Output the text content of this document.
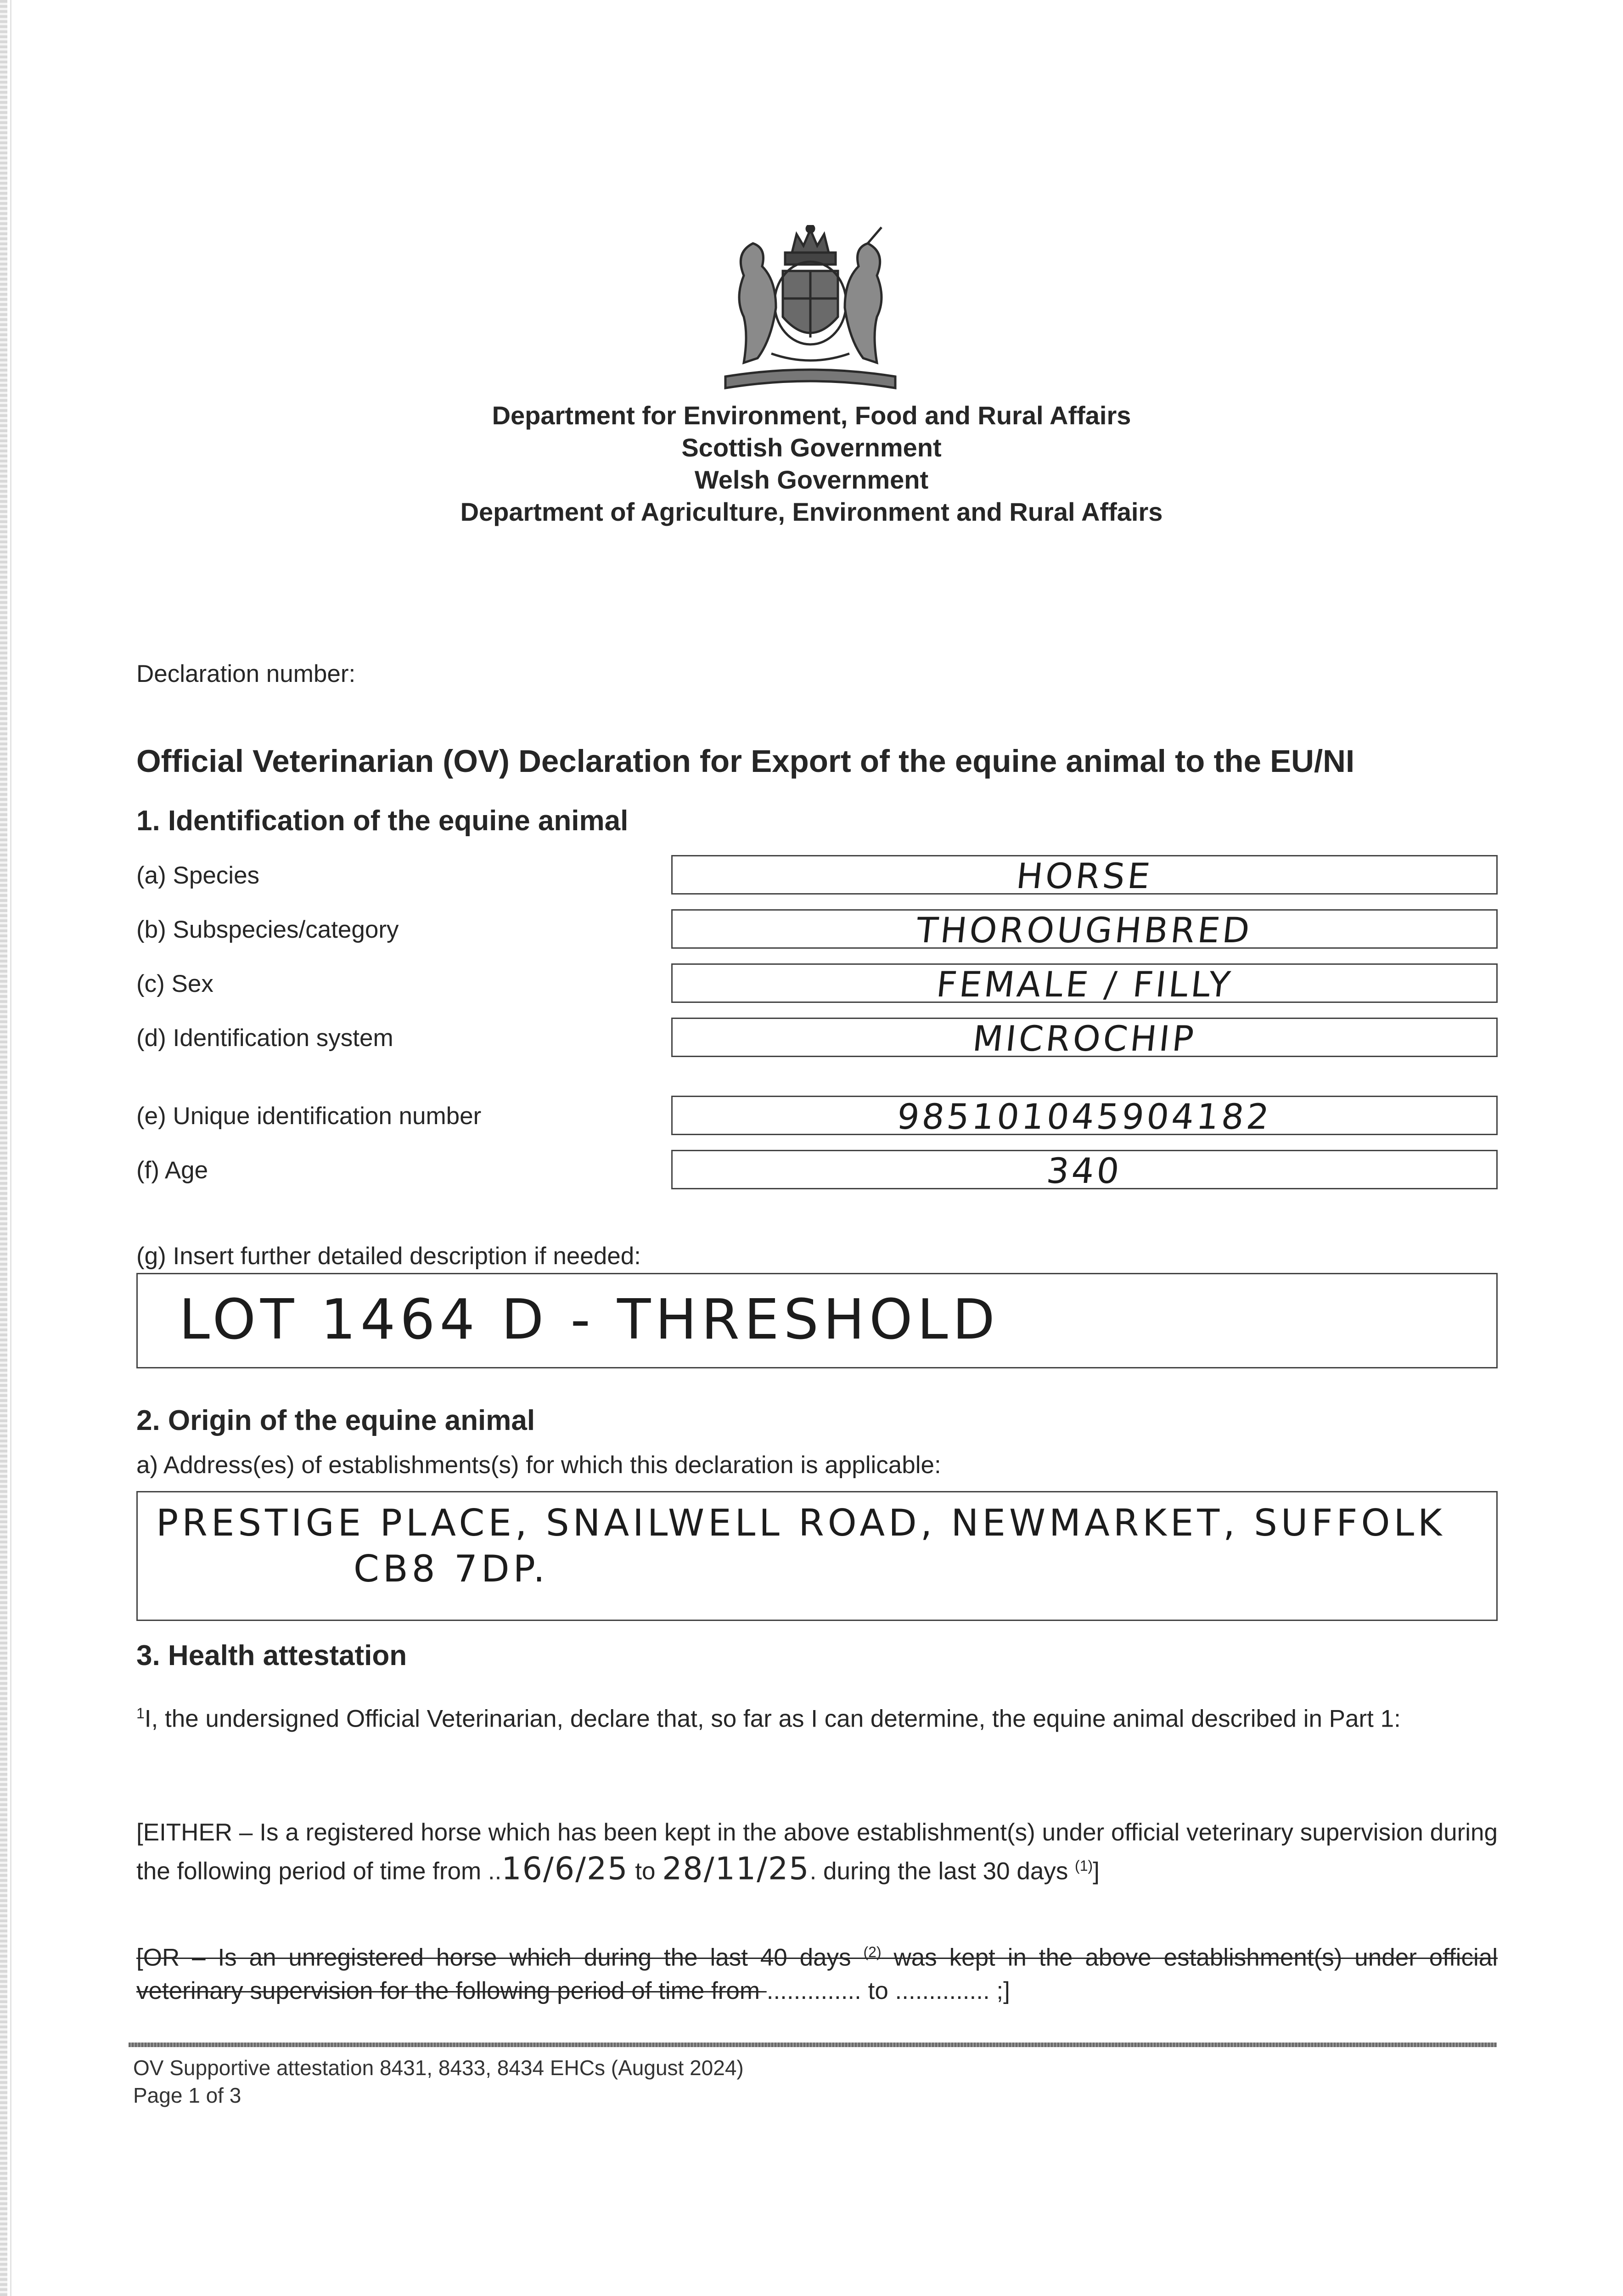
Department for Environment, Food and Rural Affairs
Scottish Government
Welsh Government
Department of Agriculture, Environment and Rural Affairs
Declaration number:
Official Veterinarian (OV) Declaration for Export of the equine animal to the EU/NI
1. Identification of the equine animal
(a) Species	HORSE
(b) Subspecies/category	THOROUGHBRED
(c) Sex	FEMALE / FILLY
(d) Identification system	MICROCHIP
(e) Unique identification number	985101045904182
(f) Age	340
(g) Insert further detailed description if needed:
LOT 1464 D - THRESHOLD
2. Origin of the equine animal
a) Address(es) of establishments(s) for which this declaration is applicable:
PRESTIGE PLACE, SNAILWELL ROAD, NEWMARKET, SUFFOLK
CB8 7DP.
3. Health attestation
$^1$I, the undersigned Official Veterinarian, declare that, so far as I can determine, the equine animal described in Part 1:
[EITHER – Is a registered horse which has been kept in the above establishment(s) under official veterinary supervision during the following period of time from ..16/6/25 to 28/11/25. during the last 30 days $^{(1)}$]
[OR – Is an unregistered horse which during the last 40 days $^{(2)}$ was kept in the above establishment(s) under official veterinary supervision for the following period of time from .............. to .............. ;]
OV Supportive attestation 8431, 8433, 8434 EHCs (August 2024)
Page 1 of 3
